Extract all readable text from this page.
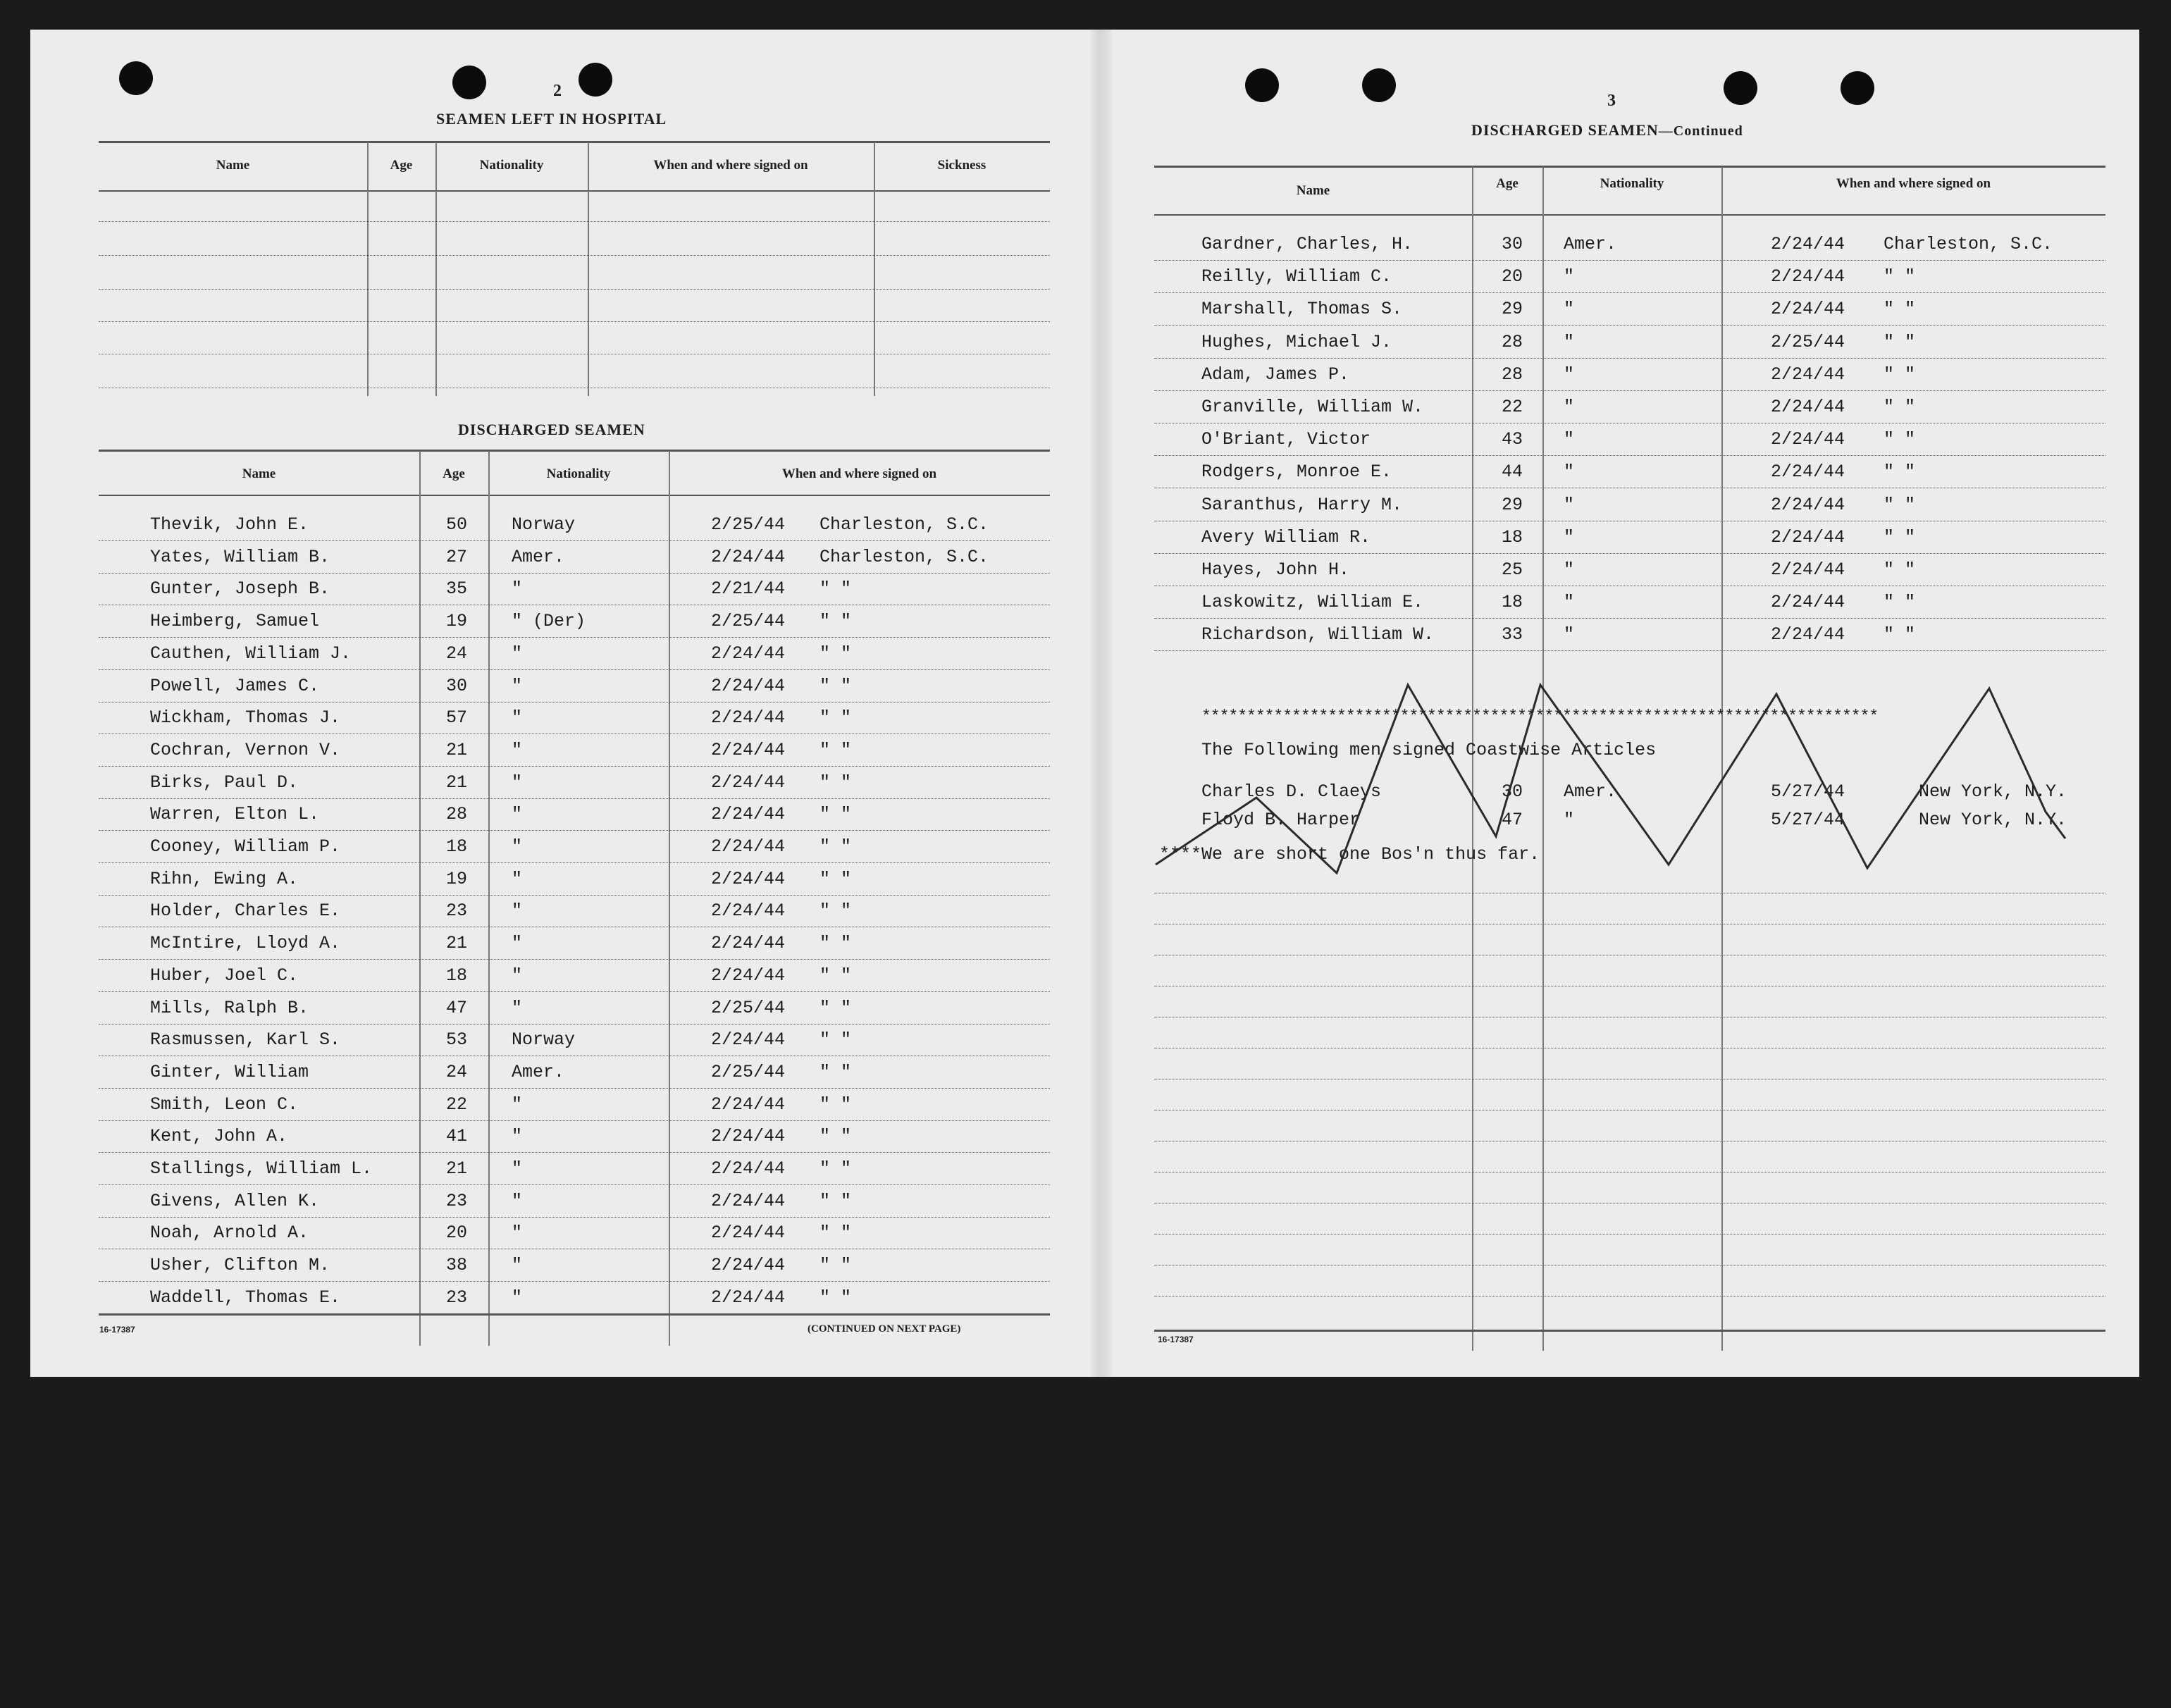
2
SEAMEN LEFT IN HOSPITAL
Name	Age	Nationality	When and where signed on	Sickness
DISCHARGED SEAMEN
Name	Age	Nationality	When and where signed on
Thevik, John E.	50	Norway	2/25/44 Charleston, S.C.
Yates, William B.	27	Amer.	2/24/44 Charleston, S.C.
Gunter, Joseph B.	35	"	2/21/44 " "
Heimberg, Samuel	19	" (Der)	2/25/44 " "
Cauthen, William J.	24	"	2/24/44 " "
Powell, James C.	30	"	2/24/44 " "
Wickham, Thomas J.	57	"	2/24/44 " "
Cochran, Vernon V.	21	"	2/24/44 " "
Birks, Paul D.	21	"	2/24/44 " "
Warren, Elton L.	28	"	2/24/44 " "
Cooney, William P.	18	"	2/24/44 " "
Rihn, Ewing A.	19	"	2/24/44 " "
Holder, Charles E.	23	"	2/24/44 " "
McIntire, Lloyd A.	21	"	2/24/44 " "
Huber, Joel C.	18	"	2/24/44 " "
Mills, Ralph B.	47	"	2/25/44 " "
Rasmussen, Karl S.	53	Norway	2/24/44 " "
Ginter, William	24	Amer.	2/25/44 " "
Smith, Leon C.	22	"	2/24/44 " "
Kent, John A.	41	"	2/24/44 " "
Stallings, William L.	21	"	2/24/44 " "
Givens, Allen K.	23	"	2/24/44 " "
Noah, Arnold A.	20	"	2/24/44 " "
Usher, Clifton M.	38	"	2/24/44 " "
Waddell, Thomas E.	23	"	2/24/44 " "
16-17387	(CONTINUED ON NEXT PAGE)
3
DISCHARGED SEAMEN—Continued
Name	Age	Nationality	When and where signed on
Gardner, Charles, H.	30 Amer.	2/24/44 Charleston, S.C.
Reilly, William C.	20 "	2/24/44 " "
Marshall, Thomas S.	29 "	2/24/44 " "
Hughes, Michael J.	28 "	2/25/44 " "
Adam, James P.	28 "	2/24/44 " "
Granville, William W.	22 "	2/24/44 " "
O'Briant, Victor	43 "	2/24/44 " "
Rodgers, Monroe E.	44 "	2/24/44 " "
Saranthus, Harry M.	29 "	2/24/44 " "
Avery William R.	18 "	2/24/44 " "
Hayes, John H.	25 "	2/24/44 " "
Laskowitz, William E.	18 "	2/24/44 " "
Richardson, William W.	33 "	2/24/44 " "
***************************************************************************
The Following men signed Coastwise Articles
Charles D. Claeys	30 Amer.	5/27/44	New York, N.Y.
Floyd B. Harper	47 "	5/27/44	New York, N.Y.
****We are short one Bos'n thus far.
16-17387
